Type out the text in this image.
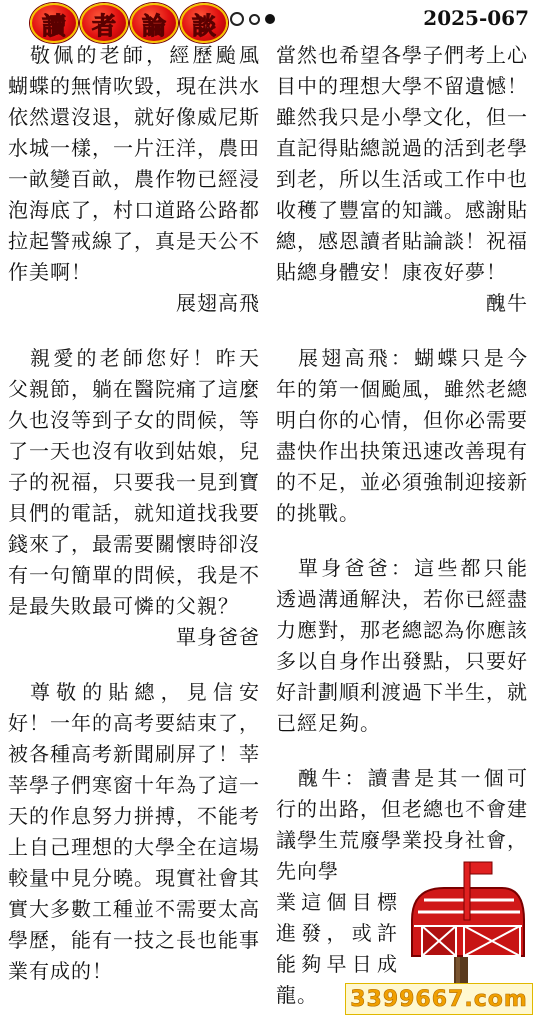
讀	者	論	談	2025-067

敬佩的老師，經歷颱風蝴蝶的無情吹毀，現在洪水依然還沒退，就好像威尼斯水城一樣，一片汪洋，農田一畝變百畝，農作物已經浸泡海底了，村口道路公路都拉起警戒線了，真是天公不作美啊！

展翅高飛

親愛的老師您好！昨天父親節，躺在醫院痛了這麼久也沒等到子女的問候，等了一天也沒有收到姑娘，兒子的祝福，只要我一見到寶貝們的電話，就知道找我要錢來了，最需要關懷時卻沒有一句簡單的問候，我是不是最失敗最可憐的父親？

單身爸爸

尊敬的貼總，見信安好！一年的高考要結束了，被各種高考新聞刷屏了！莘莘學子們寒窗十年為了這一天的作息努力拼搏，不能考上自己理想的大學全在這場較量中見分曉。現實社會其實大多數工種並不需要太高學歷，能有一技之長也能事業有成的！

當然也希望各學子們考上心目中的理想大學不留遺憾！雖然我只是小學文化，但一直記得貼總説過的活到老學到老，所以生活或工作中也收穫了豐富的知識。感謝貼總，感恩讀者貼論談！祝福貼總身體安！康夜好夢！

醜牛

展翅高飛：蝴蝶只是今年的第一個颱風，雖然老總明白你的心情，但你必需要盡快作出抉策迅速改善現有的不足，並必須強制迎接新的挑戰。

單身爸爸：這些都只能透過溝通解決，若你已經盡力應對，那老總認為你應該多以自身作出發點，只要好好計劃順利渡過下半生，就已經足夠。

醜牛：讀書是其一個可行的出路，但老總也不會建議學生荒廢學業投身社會，先向學

業這個目標進發，或許能夠早日成龍。	3399667.com
